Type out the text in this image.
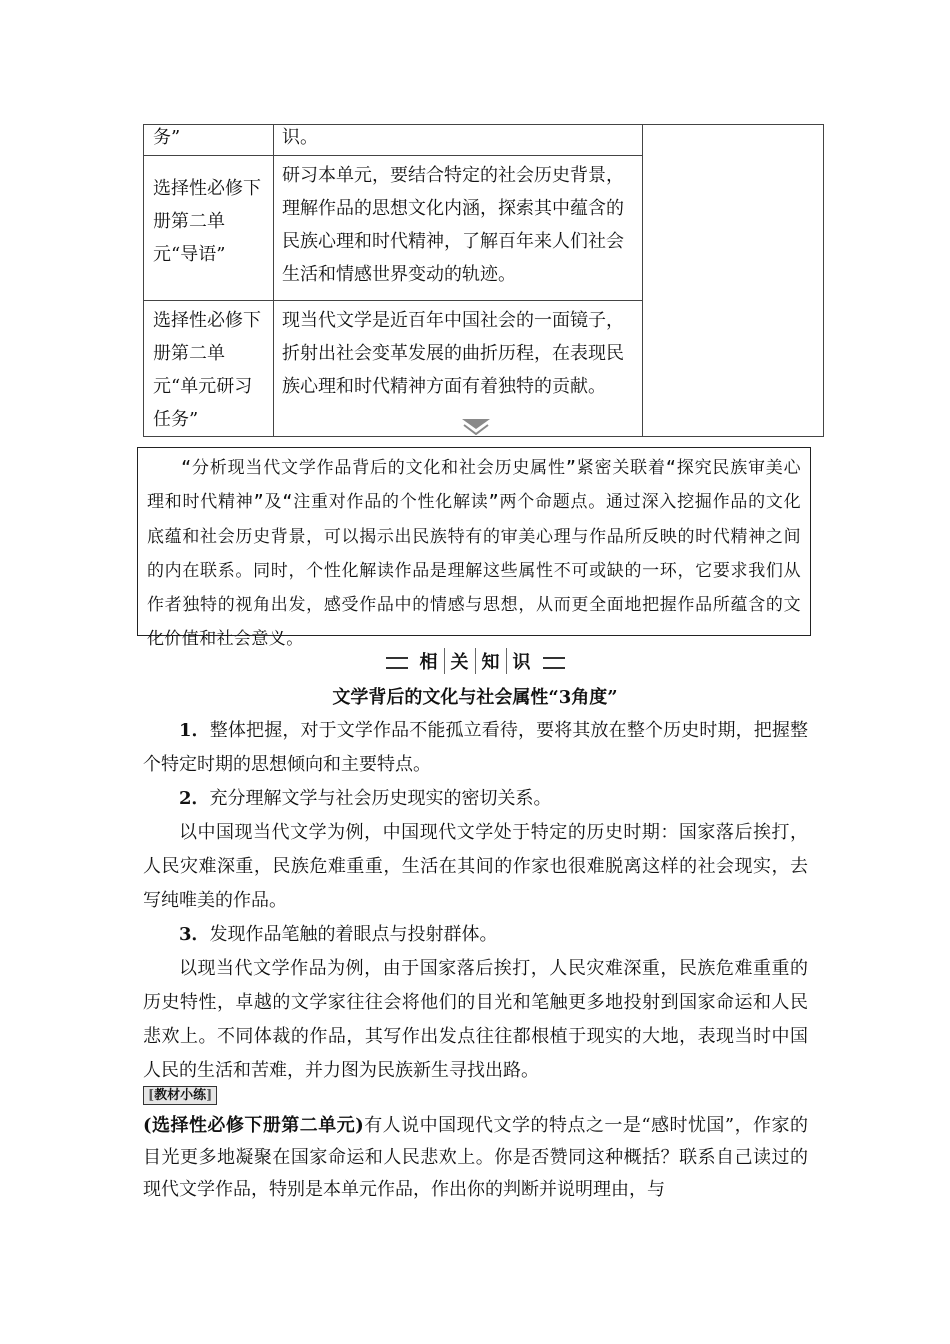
务”	识。	
选择性必修下册第二单元“导语”	研习本单元，要结合特定的社会历史背景，理解作品的思想文化内涵，探索其中蕴含的民族心理和时代精神，了解百年来人们社会生活和情感世界变动的轨迹。	
选择性必修下册第二单元“单元研习任务”	现当代文学是近百年中国社会的一面镜子，折射出社会变革发展的曲折历程，在表现民族心理和时代精神方面有着独特的贡献。	

“分析现当代文学作品背后的文化和社会历史属性”紧密关联着“探究民族审美心理和时代精神”及“注重对作品的个性化解读”两个命题点。通过深入挖掘作品的文化底蕴和社会历史背景，可以揭示出民族特有的审美心理与作品所反映的时代精神之间的内在联系。同时，个性化解读作品是理解这些属性不可或缺的一环，它要求我们从作者独特的视角出发，感受作品中的情感与思想，从而更全面地把握作品所蕴含的文化价值和社会意义。

相 关 知 识
文学背后的文化与社会属性“3角度”

1．整体把握，对于文学作品不能孤立看待，要将其放在整个历史时期，把握整个特定时期的思想倾向和主要特点。

2．充分理解文学与社会历史现实的密切关系。

以中国现当代文学为例，中国现代文学处于特定的历史时期：国家落后挨打，人民灾难深重，民族危难重重，生活在其间的作家也很难脱离这样的社会现实，去写纯唯美的作品。

3．发现作品笔触的着眼点与投射群体。

以现当代文学作品为例，由于国家落后挨打，人民灾难深重，民族危难重重的历史特性，卓越的文学家往往会将他们的目光和笔触更多地投射到国家命运和人民悲欢上。不同体裁的作品，其写作出发点往往都根植于现实的大地，表现当时中国人民的生活和苦难，并力图为民族新生寻找出路。

[教材小练]

(选择性必修下册第二单元)有人说中国现代文学的特点之一是“感时忧国”，作家的目光更多地凝聚在国家命运和人民悲欢上。你是否赞同这种概括？联系自己读过的现代文学作品，特别是本单元作品，作出你的判断并说明理由，与
